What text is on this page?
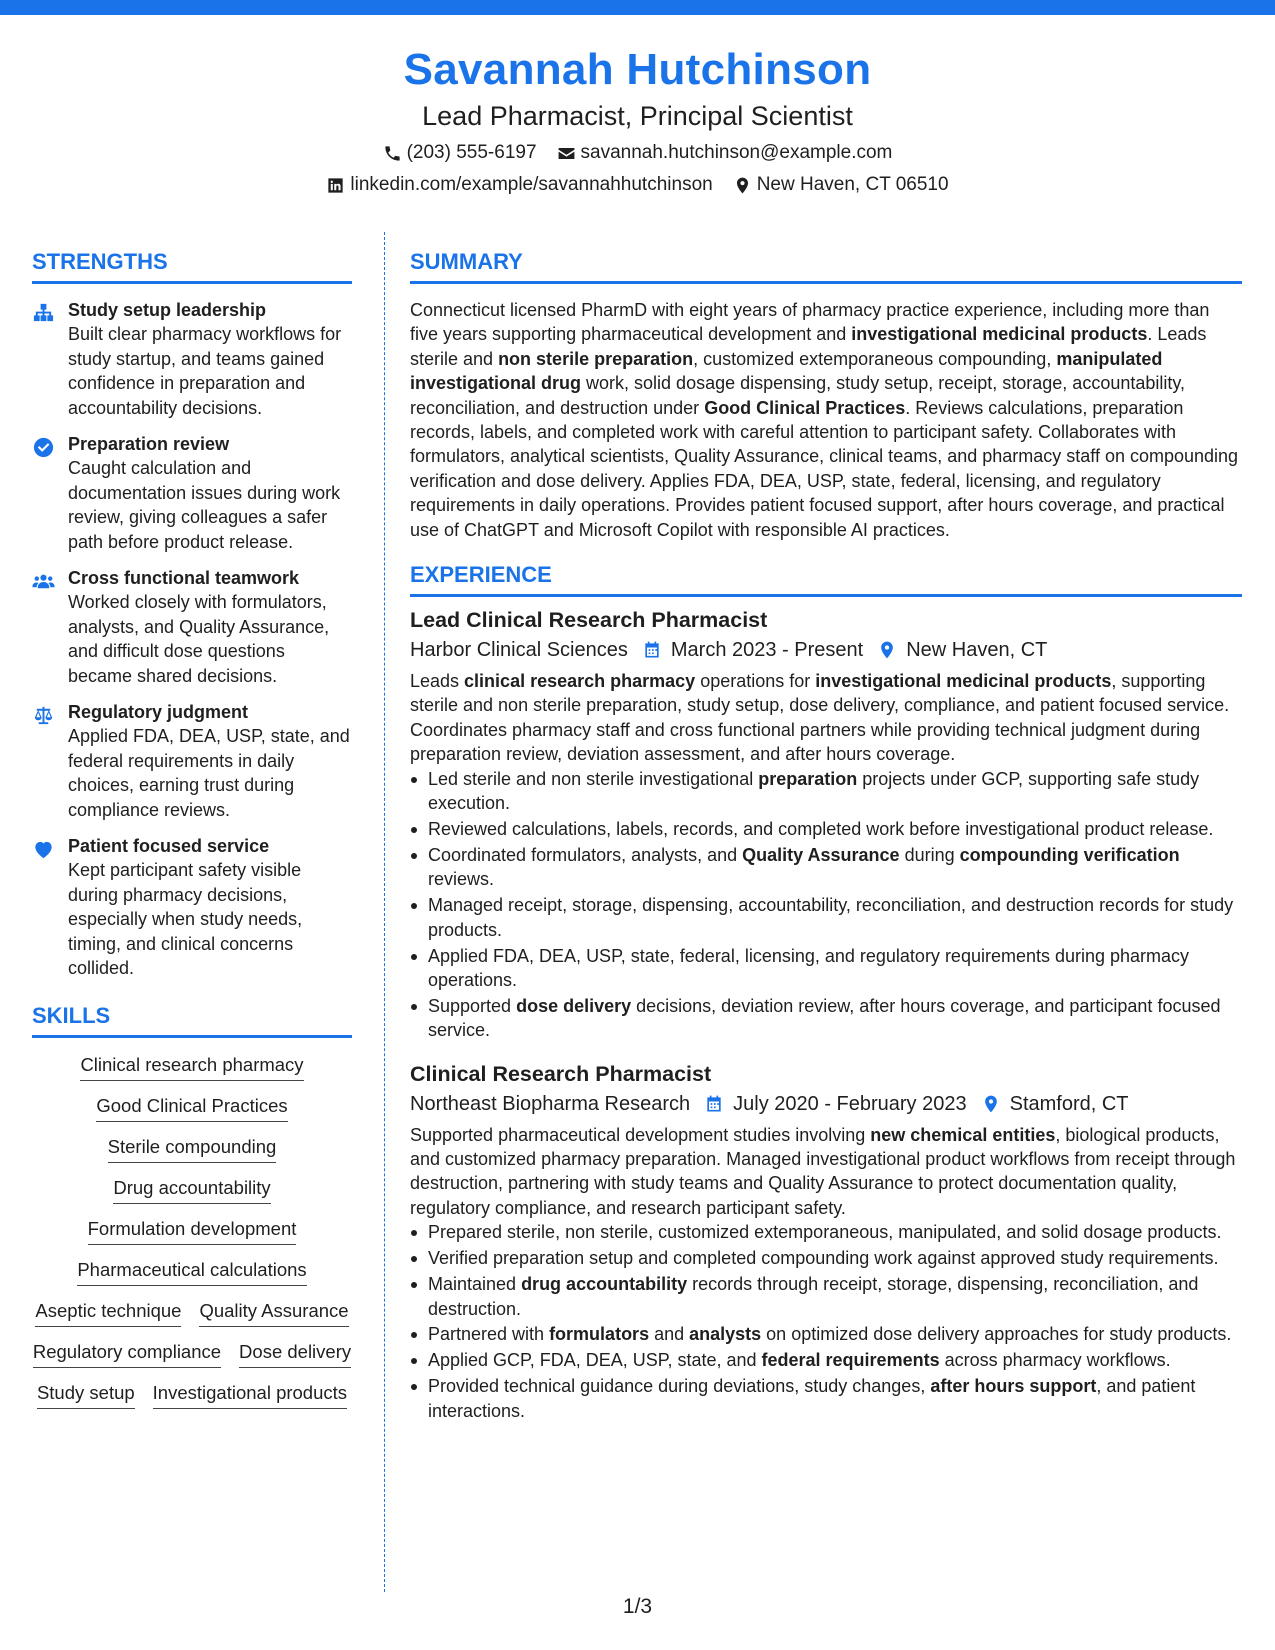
Savannah Hutchinson
Lead Pharmacist, Principal Scientist
(203) 555-6197 savannah.hutchinson@example.com
linkedin.com/example/savannahhutchinson New Haven, CT 06510
STRENGTHS
Study setup leadership
Built clear pharmacy workflows for study startup, and teams gained confidence in preparation and accountability decisions.
Preparation review
Caught calculation and documentation issues during work review, giving colleagues a safer path before product release.
Cross functional teamwork
Worked closely with formulators, analysts, and Quality Assurance, and difficult dose questions became shared decisions.
Regulatory judgment
Applied FDA, DEA, USP, state, and federal requirements in daily choices, earning trust during compliance reviews.
Patient focused service
Kept participant safety visible during pharmacy decisions, especially when study needs, timing, and clinical concerns collided.
SKILLS
Clinical research pharmacy
Good Clinical Practices
Sterile compounding
Drug accountability
Formulation development
Pharmaceutical calculations
Aseptic technique Quality Assurance
Regulatory compliance Dose delivery
Study setup Investigational products
SUMMARY
Connecticut licensed PharmD with eight years of pharmacy practice experience, including more than five years supporting pharmaceutical development and investigational medicinal products. Leads sterile and non sterile preparation, customized extemporaneous compounding, manipulated investigational drug work, solid dosage dispensing, study setup, receipt, storage, accountability, reconciliation, and destruction under Good Clinical Practices. Reviews calculations, preparation records, labels, and completed work with careful attention to participant safety. Collaborates with formulators, analytical scientists, Quality Assurance, clinical teams, and pharmacy staff on compounding verification and dose delivery. Applies FDA, DEA, USP, state, federal, licensing, and regulatory requirements in daily operations. Provides patient focused support, after hours coverage, and practical use of ChatGPT and Microsoft Copilot with responsible AI practices.
EXPERIENCE
Lead Clinical Research Pharmacist
Harbor Clinical Sciences March 2023 - Present New Haven, CT
Leads clinical research pharmacy operations for investigational medicinal products, supporting sterile and non sterile preparation, study setup, dose delivery, compliance, and patient focused service. Coordinates pharmacy staff and cross functional partners while providing technical judgment during preparation review, deviation assessment, and after hours coverage.
Led sterile and non sterile investigational preparation projects under GCP, supporting safe study execution.
Reviewed calculations, labels, records, and completed work before investigational product release.
Coordinated formulators, analysts, and Quality Assurance during compounding verification reviews.
Managed receipt, storage, dispensing, accountability, reconciliation, and destruction records for study products.
Applied FDA, DEA, USP, state, federal, licensing, and regulatory requirements during pharmacy operations.
Supported dose delivery decisions, deviation review, after hours coverage, and participant focused service.
Clinical Research Pharmacist
Northeast Biopharma Research July 2020 - February 2023 Stamford, CT
Supported pharmaceutical development studies involving new chemical entities, biological products, and customized pharmacy preparation. Managed investigational product workflows from receipt through destruction, partnering with study teams and Quality Assurance to protect documentation quality, regulatory compliance, and research participant safety.
Prepared sterile, non sterile, customized extemporaneous, manipulated, and solid dosage products.
Verified preparation setup and completed compounding work against approved study requirements.
Maintained drug accountability records through receipt, storage, dispensing, reconciliation, and destruction.
Partnered with formulators and analysts on optimized dose delivery approaches for study products.
Applied GCP, FDA, DEA, USP, state, and federal requirements across pharmacy workflows.
Provided technical guidance during deviations, study changes, after hours support, and patient interactions.
1/3
